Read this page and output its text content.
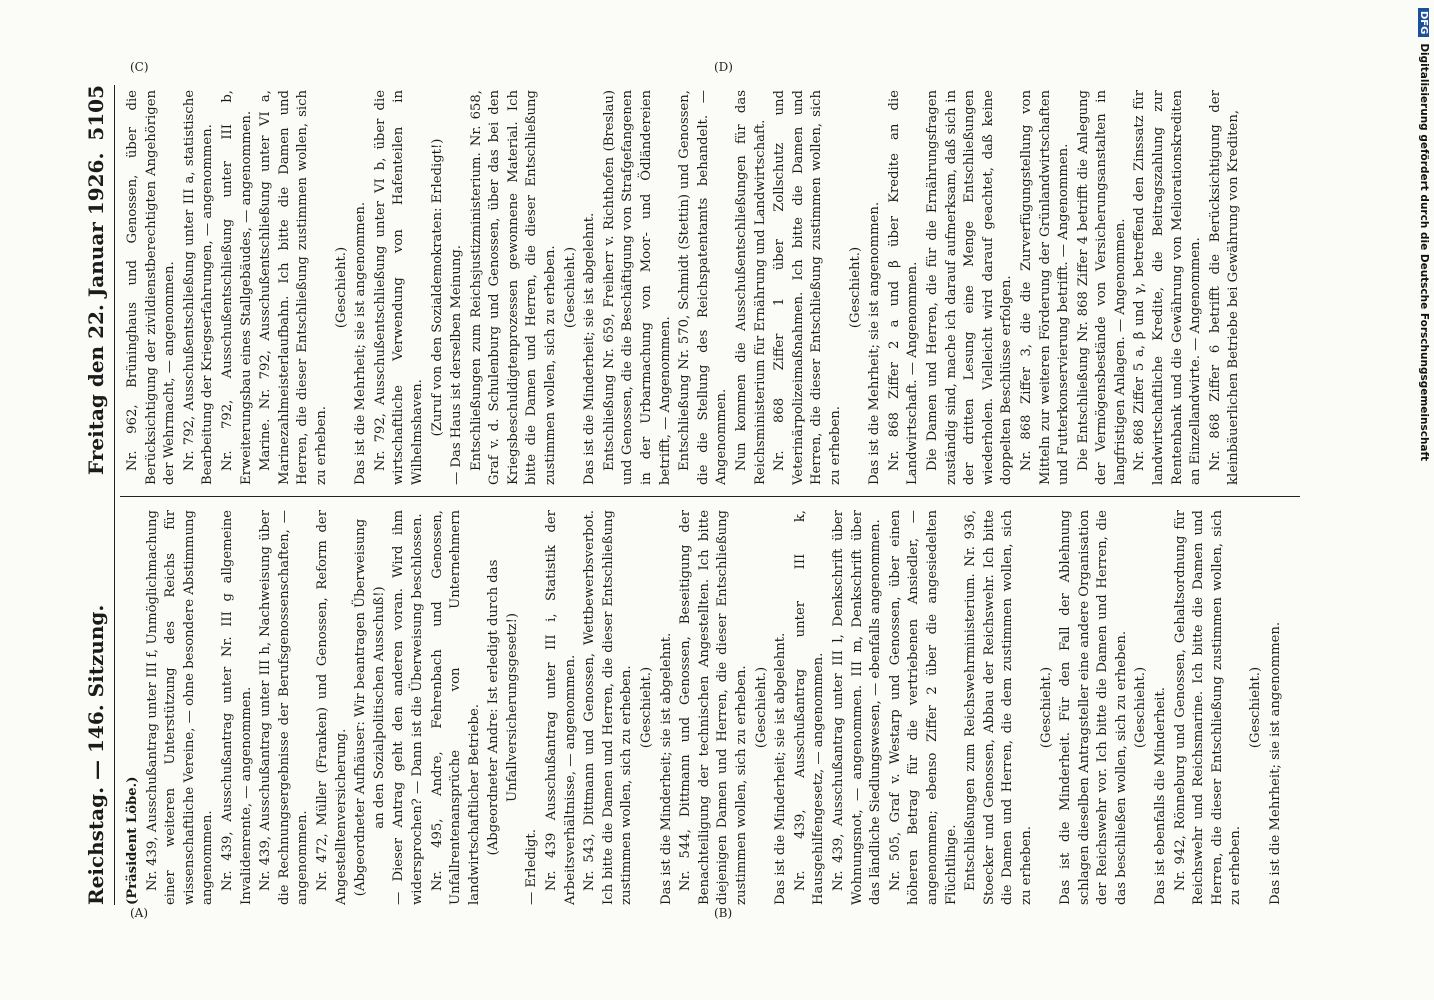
Reichstag. — 146. Sitzung.
Freitag den 22. Januar 1926.
5105

(Präsident Löbe.) Nr. 439, Ausschußantrag unter III f, Unmöglichmachung einer weiteren Unterstützung des Reichs für wissenschaftliche Vereine, — ohne besondere Abstimmung angenommen. Nr. 439, Ausschußantrag unter Nr. III g allgemeine Invalidenrente, — angenommen. Nr. 439, Ausschußantrag unter III h, Nachweisung über die Rechnungsergebnisse der Berufsgenossenschaften, — angenommen. Nr. 472, Müller (Franken) und Genossen, Reform der Angestelltenversicherung. (Abgeordneter Aufhäuser: Wir beantragen Überweisung an den Sozialpolitischen Ausschuß!) — Dieser Antrag geht den anderen voran. Wird ihm widersprochen? — Dann ist die Überweisung beschlossen. Nr. 495, Andre, Fehrenbach und Genossen, Unfallrentenansprüche von Unternehmern landwirtschaftlicher Betriebe. (Abgeordneter Andre: Ist erledigt durch das Unfallversicherungsgesetz!)

— Erledigt. Nr. 439 Ausschußantrag unter III i, Statistik der Arbeitsverhältnisse, — angenommen. Nr. 543, Dittmann und Genossen, Wettbewerbsverbot. Ich bitte die Damen und Herren, die dieser Entschließung zustimmen wollen, sich zu erheben. (Geschieht.) Das ist die Minderheit; sie ist abgelehnt. Nr. 544, Dittmann und Genossen, Beseitigung der Benachteiligung der technischen Angestellten. Ich bitte diejenigen Damen und Herren, die dieser Entschließung zustimmen wollen, sich zu erheben. (Geschieht.) Das ist die Minderheit; sie ist abgelehnt. Nr. 439, Ausschußantrag unter III k, Hausgehilfengesetz, — angenommen. Nr. 439, Ausschußantrag unter III l, Denkschrift über Wohnungsnot, — angenommen. III m, Denkschrift über das ländliche Siedlungswesen, — ebenfalls angenommen. Nr. 505, Graf v. Westarp und Genossen, über einen höheren Betrag für die vertriebenen Ansiedler, — angenommen; ebenso Ziffer 2 über die angesiedelten Flüchtlinge. Entschließungen zum Reichswehrministerium. Nr. 936, Stoecker und Genossen, Abbau der Reichswehr. Ich bitte die Damen und Herren, die dem zustimmen wollen, sich zu erheben.

(Geschieht.) Das ist die Minderheit. Für den Fall der Ablehnung schlagen dieselben Antragsteller eine andere Organisation der Reichswehr vor. Ich bitte die Damen und Herren, die das beschließen wollen, sich zu erheben. (Geschieht.) Das ist ebenfalls die Minderheit. Nr. 942, Rönneburg und Genossen, Gehaltsordnung für Reichswehr und Reichsmarine. Ich bitte die Damen und Herren, die dieser Entschließung zustimmen wollen, sich zu erheben.

(Geschieht.) Das ist die Mehrheit; sie ist angenommen.

Nr. 962, Brüninghaus und Genossen, über die Berücksichtigung der zivildienstberechtigten Angehörigen der Wehrmacht, — angenommen. Nr. 792, Ausschußentschließung unter III a, statistische Bearbeitung der Kriegserfahrungen, — angenommen. Nr. 792, Ausschußentschließung unter III b, Erweiterungsbau eines Stallgebäudes, — angenommen. Marine. Nr. 792, Ausschußentschließung unter VI a, Marinezahlmeisterlaufbahn. Ich bitte die Damen und Herren, die dieser Entschließung zustimmen wollen, sich zu erheben.

(Geschieht.) Das ist die Mehrheit; sie ist angenommen. Nr. 792, Ausschußentschließung unter VI b, über die wirtschaftliche Verwendung von Hafenteilen in Wilhelmshaven. (Zuruf von den Sozialdemokraten: Erledigt!) — Das Haus ist derselben Meinung. Entschließungen zum Reichsjustizministerium. Nr. 658, Graf v. d. Schulenburg und Genossen, über das bei den Kriegsbeschuldigtenprozessen gewonnene Material. Ich bitte die Damen und Herren, die dieser Entschließung zustimmen wollen, sich zu erheben. (Geschieht.) Das ist die Minderheit; sie ist abgelehnt. Entschließung Nr. 659, Freiherr v. Richthofen (Breslau) und Genossen, die die Beschäftigung von Strafgefangenen in der Urbarmachung von Moor- und Ödländereien betrifft, — Angenommen. Entschließung Nr. 570, Schmidt (Stettin) und Genossen, die die Stellung des Reichspatentamts behandelt. — Angenommen. Nun kommen die Ausschußentschließungen für das Reichsministerium für Ernährung und Landwirtschaft. Nr. 868 Ziffer 1 über Zollschutz und Veterinärpolizeimaßnahmen. Ich bitte die Damen und Herren, die dieser Entschließung zustimmen wollen, sich zu erheben.

(Geschieht.) Das ist die Mehrheit; sie ist angenommen. Nr. 868 Ziffer 2 a und β über Kredite an die Landwirtschaft. — Angenommen. Die Damen und Herren, die für die Ernährungsfragen zuständig sind, mache ich darauf aufmerksam, daß sich in der dritten Lesung eine Menge Entschließungen wiederholen. Vielleicht wird darauf geachtet, daß keine doppelten Beschlüsse erfolgen. Nr. 868 Ziffer 3, die die Zurverfügungstellung von Mitteln zur weiteren Förderung der Grünlandwirtschaften und Futterkonservierung betrifft. — Angenommen. Die Entschließung Nr. 868 Ziffer 4 betrifft die Anlegung der Vermögensbestände von Versicherungsanstalten in langfristigen Anlagen. — Angenommen. Nr. 868 Ziffer 5 a, β und γ, betreffend den Zinssatz für landwirtschaftliche Kredite, die Beitragszahlung zur Rentenbank und die Gewährung von Meliorationskrediten an Einzellandwirte. — Angenommen. Nr. 868 Ziffer 6 betrifft die Berücksichtigung der kleinbäuerlichen Betriebe bei Gewährung von Krediten,

(A)	(B)
(C)	(D)
DFGDigitalisierung gefördert durch die Deutsche Forschungsgemeinschaft
